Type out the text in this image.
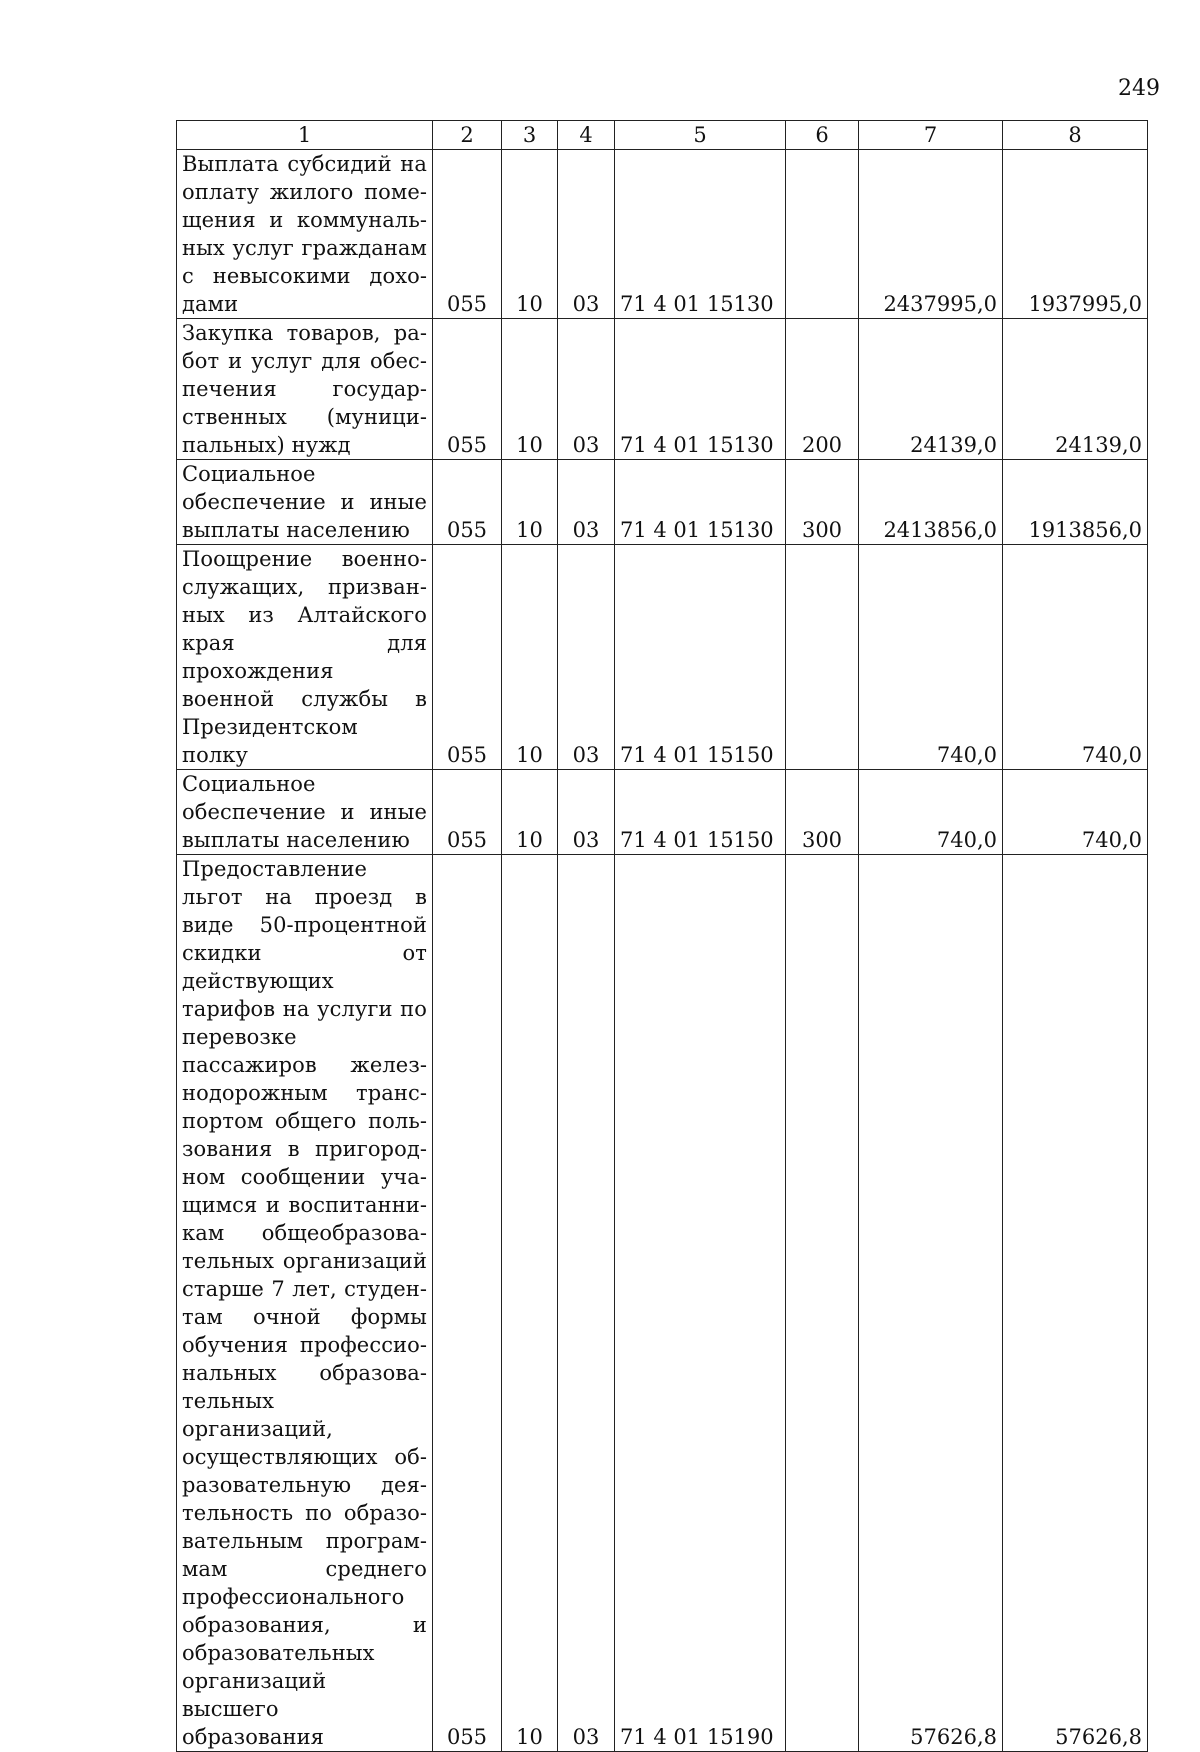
249
1	2	3	4	5	6	7	8
Выплата субсидий на оплату жилого помещения и коммунальных услуг гражданам с невысокими доходами	055	10	03	71 4 01 15130		2437995,0	1937995,0
Закупка товаров, работ и услуг для обеспечения государственных (муниципальных) нужд	055	10	03	71 4 01 15130	200	24139,0	24139,0
Социальное обеспечение и иные выплаты населению	055	10	03	71 4 01 15130	300	2413856,0	1913856,0
Поощрение военнослужащих, призванных из Алтайского края для прохождения военной службы в Президентском полку	055	10	03	71 4 01 15150		740,0	740,0
Социальное обеспечение и иные выплаты населению	055	10	03	71 4 01 15150	300	740,0	740,0
Предоставление льгот на проезд в виде 50-процентной скидки от действующих тарифов на услуги по перевозке пассажиров железнодорожным транспортом общего пользования в пригородном сообщении учащимся и воспитанникам общеобразовательных организаций старше 7 лет, студентам очной формы обучения профессиональных образовательных организаций, осуществляющих образовательную деятельность по образовательным программам среднего профессионального образования, и образовательных организаций высшего образования	055	10	03	71 4 01 15190		57626,8	57626,8
